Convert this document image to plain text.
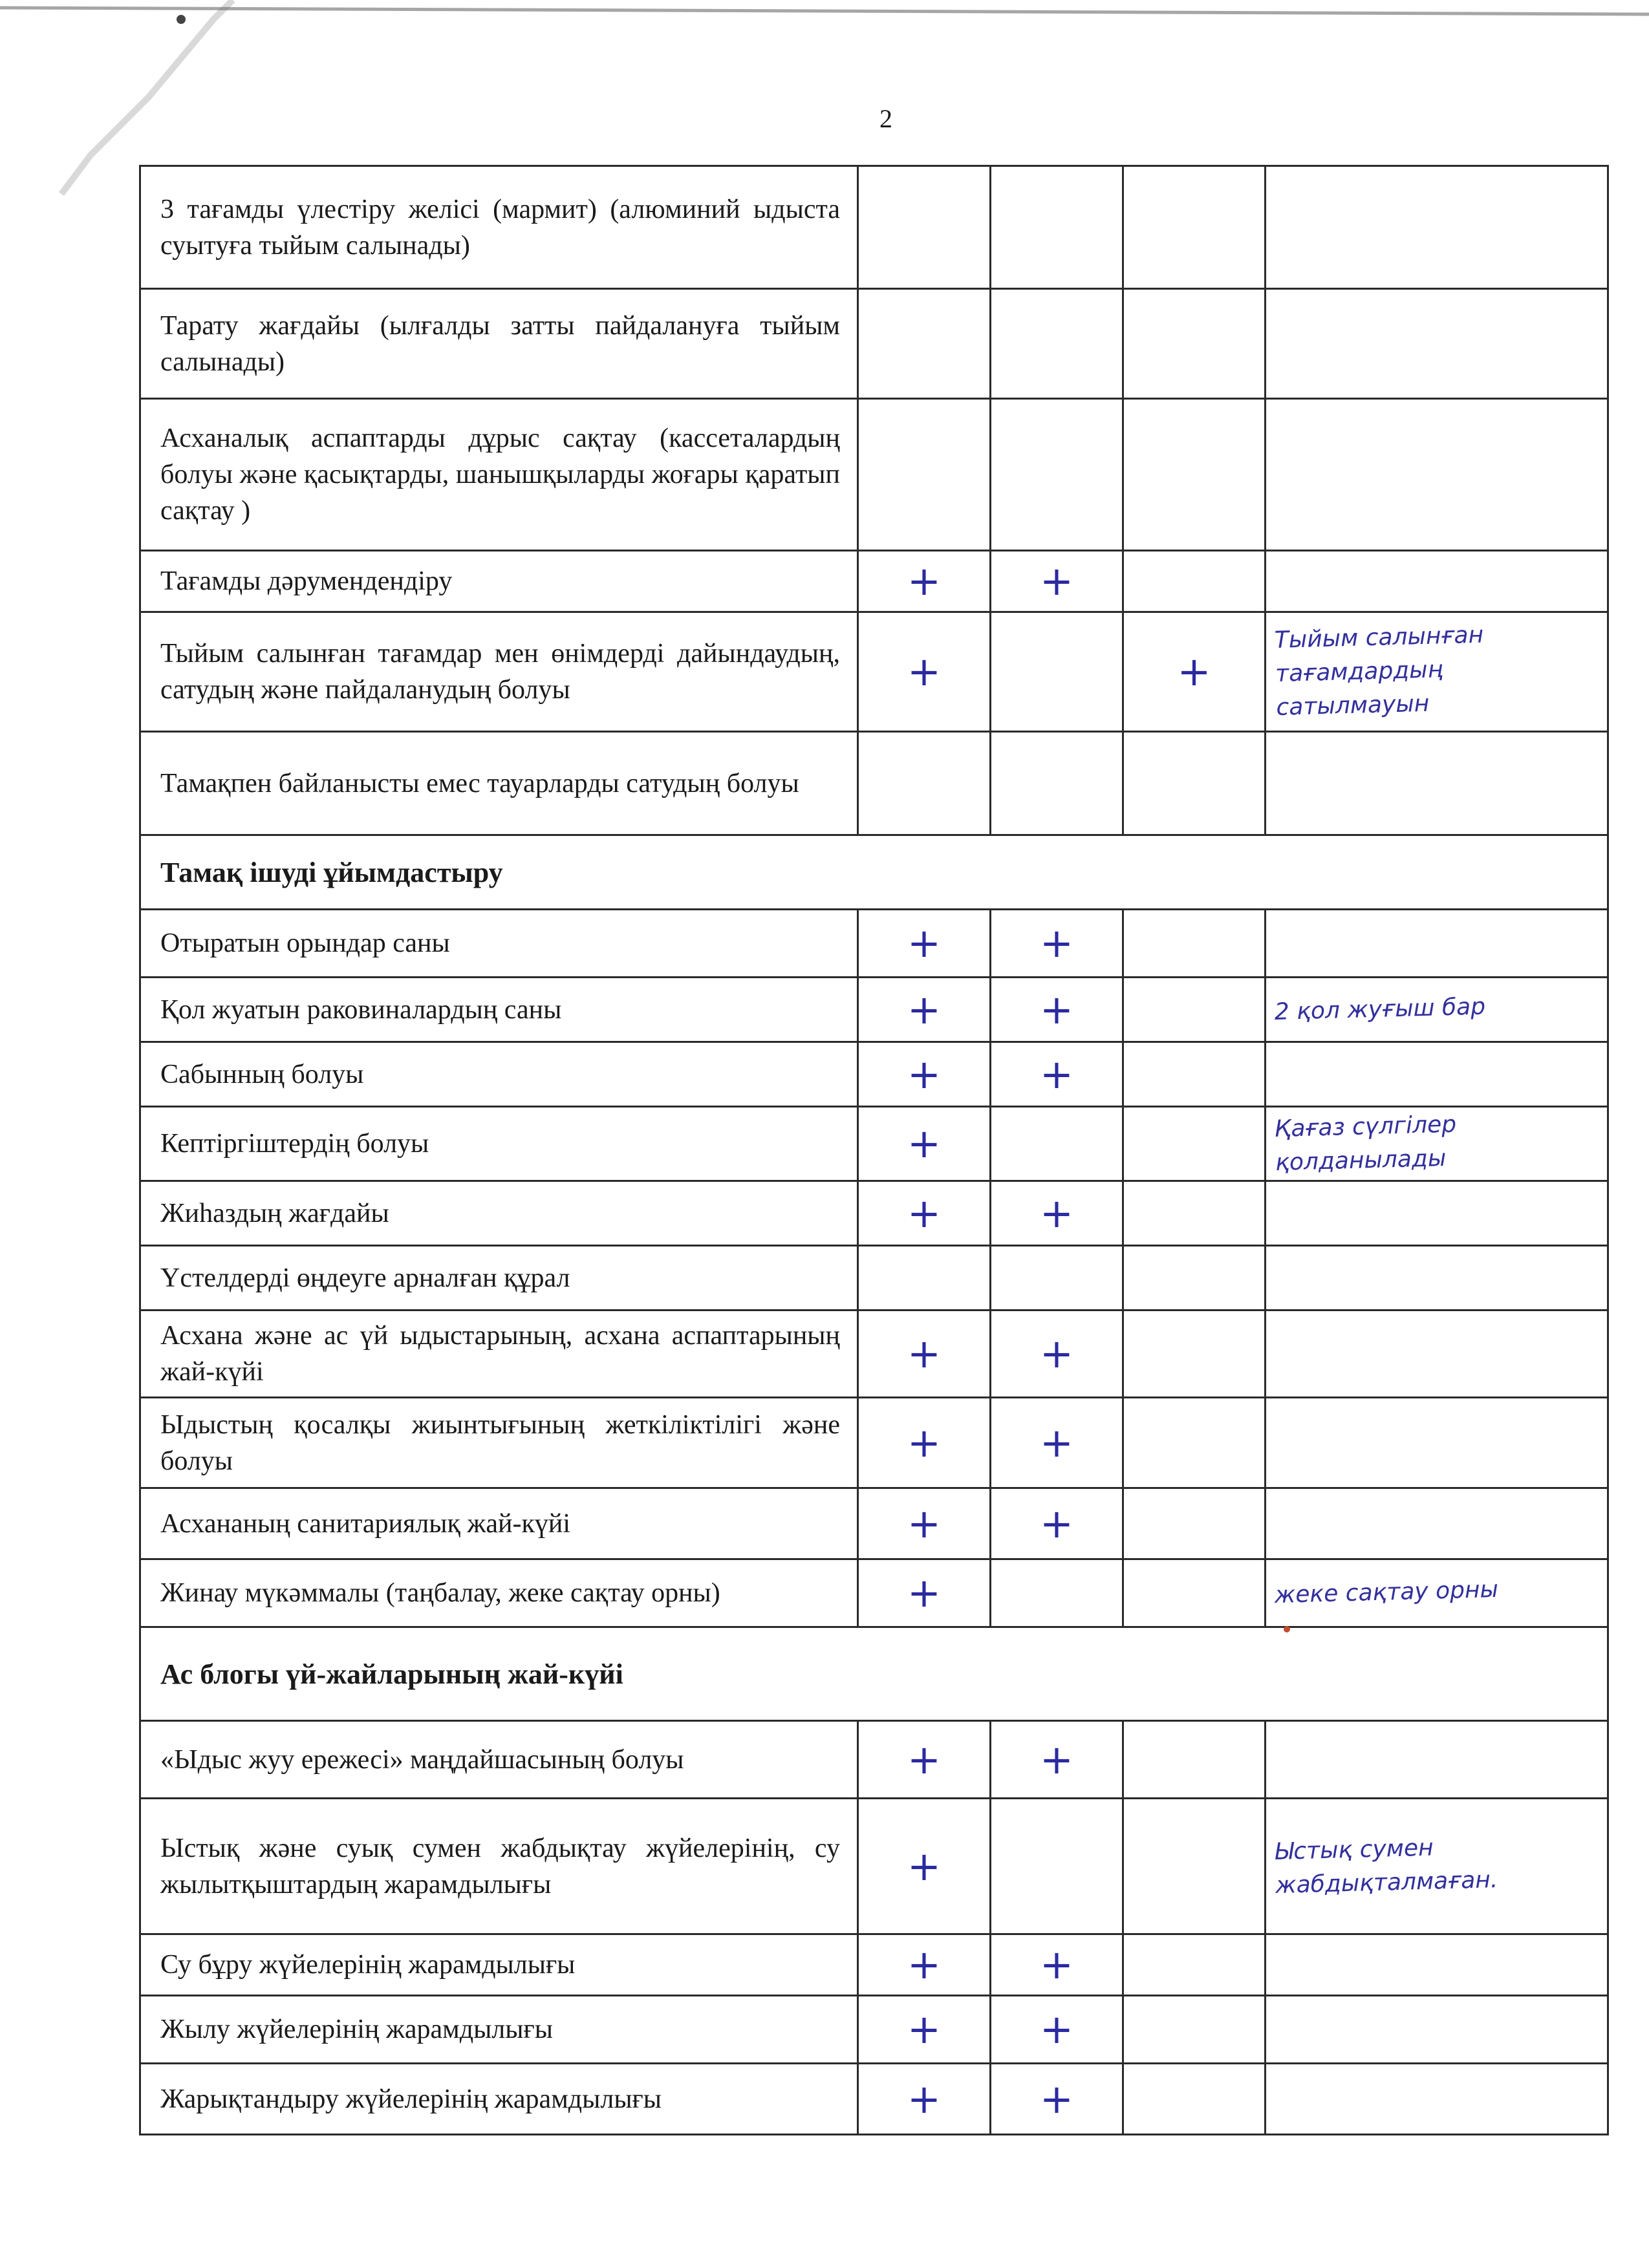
2
3 тағамды үлестіру желісі (мармит) (алюминий ыдыста суытуға тыйым салынады)				

Тарату жағдайы (ылғалды затты пайдалануға тыйым салынады)				

Асханалық аспаптарды дұрыс сақтау (кассеталардың болуы және қасықтарды, шанышқыларды жоғары қаратып сақтау )				

Тағамды дәрумендендіру	+	+		

Тыйым салынған тағамдар мен өнімдерді дайындаудың, сатудың және пайдаланудың болуы	+		+	Тыйым салынған тағамдардың сатылмауын

Тамақпен байланысты емес тауарларды сатудың болуы				

Тамақ ішуді ұйымдастыру				
Отыратын орындар саны	+	+		

Қол жуатын раковиналардың саны	+	+		2 қол жуғыш бар

Сабынның болуы	+	+		

Кептіргіштердің болуы	+			Қағаз сүлгілер қолданылады

Жиһаздың жағдайы	+	+		

Үстелдерді өңдеуге арналған құрал				

Асхана және ас үй ыдыстарының, асхана аспаптарының жай-күйі	+	+		

Ыдыстың қосалқы жиынтығының жеткіліктілігі және болуы	+	+		

Асхананың санитариялық жай-күйі	+	+		

Жинау мүкәммалы (таңбалау, жеке сақтау орны)	+			жеке сақтау орны

Ас блогы үй-жайларының жай-күйі				
«Ыдыс жуу ережесі» маңдайшасының болуы	+	+		

Ыстық және суық сумен жабдықтау жүйелерінің, су жылытқыштардың жарамдылығы	+			Ыстық сумен жабдықталмаған.

Су бұру жүйелерінің жарамдылығы	+	+		

Жылу жүйелерінің жарамдылығы	+	+		

Жарықтандыру жүйелерінің жарамдылығы	+	+		
